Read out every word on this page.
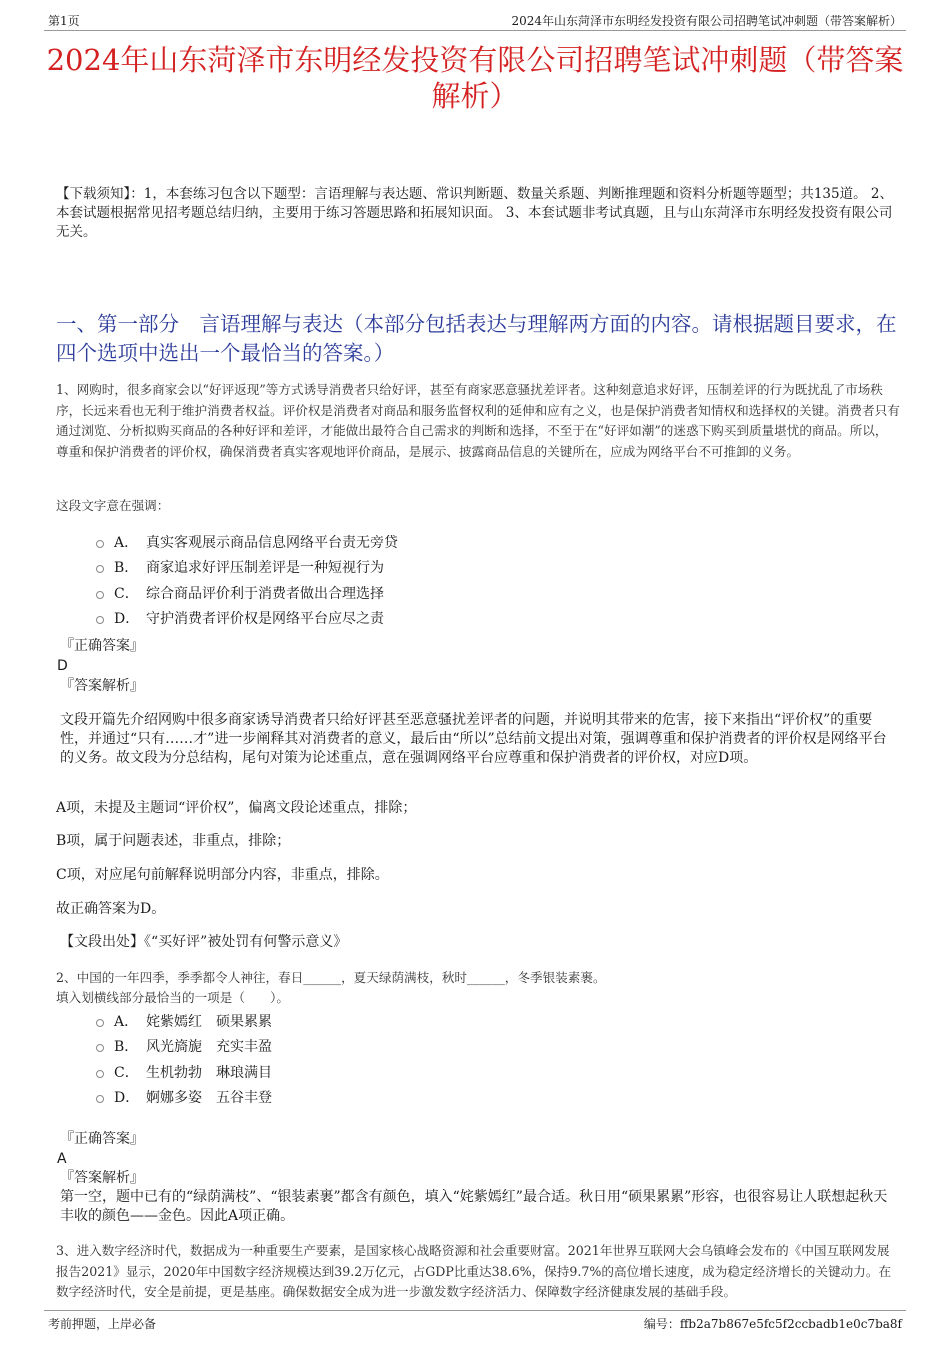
第1页	2024年山东菏泽市东明经发投资有限公司招聘笔试冲刺题（带答案解析）
2024年山东菏泽市东明经发投资有限公司招聘笔试冲刺题（带答案解析）
【下载须知】：1，本套练习包含以下题型：言语理解与表达题、常识判断题、数量关系题、判断推理题和资料分析题等题型；共135道。 2、本套试题根据常见招考题总结归纳，主要用于练习答题思路和拓展知识面。 3、本套试题非考试真题，且与山东菏泽市东明经发投资有限公司无关。
一、第一部分　言语理解与表达（本部分包括表达与理解两方面的内容。请根据题目要求，在四个选项中选出一个最恰当的答案。）
1、网购时，很多商家会以“好评返现”等方式诱导消费者只给好评，甚至有商家恶意骚扰差评者。这种刻意追求好评，压制差评的行为既扰乱了市场秩序，长远来看也无利于维护消费者权益。评价权是消费者对商品和服务监督权利的延伸和应有之义，也是保护消费者知情权和选择权的关键。消费者只有通过浏览、分析拟购买商品的各种好评和差评，才能做出最符合自己需求的判断和选择，不至于在“好评如潮”的迷惑下购买到质量堪忧的商品。所以，尊重和保护消费者的评价权，确保消费者真实客观地评价商品，是展示、披露商品信息的关键所在，应成为网络平台不可推卸的义务。
这段文字意在强调：
A． 真实客观展示商品信息网络平台责无旁贷
B． 商家追求好评压制差评是一种短视行为
C． 综合商品评价利于消费者做出合理选择
D． 守护消费者评价权是网络平台应尽之责
『正确答案』
D
『答案解析』
文段开篇先介绍网购中很多商家诱导消费者只给好评甚至恶意骚扰差评者的问题，并说明其带来的危害，接下来指出“评价权”的重要性，并通过“只有……才”进一步阐释其对消费者的意义，最后由“所以”总结前文提出对策，强调尊重和保护消费者的评价权是网络平台的义务。故文段为分总结构，尾句对策为论述重点，意在强调网络平台应尊重和保护消费者的评价权，对应D项。
A项，未提及主题词“评价权”，偏离文段论述重点，排除；
B项，属于问题表述，非重点，排除；
C项，对应尾句前解释说明部分内容，非重点，排除。
故正确答案为D。
【文段出处】《“买好评”被处罚有何警示意义》
2、中国的一年四季，季季都令人神往，春日______，夏天绿荫满枝，秋时______，冬季银装素裹。
填入划横线部分最恰当的一项是（　　）。
A． 姹紫嫣红　硕果累累
B． 风光旖旎　充实丰盈
C． 生机勃勃　琳琅满目
D． 婀娜多姿　五谷丰登
『正确答案』
A
『答案解析』
第一空，题中已有的“绿荫满枝”、“银装素裹”都含有颜色，填入“姹紫嫣红”最合适。秋日用“硕果累累”形容，也很容易让人联想起秋天丰收的颜色——金色。因此A项正确。
3、进入数字经济时代，数据成为一种重要生产要素，是国家核心战略资源和社会重要财富。2021年世界互联网大会乌镇峰会发布的《中国互联网发展报告2021》显示，2020年中国数字经济规模达到39.2万亿元，占GDP比重达38.6%，保持9.7%的高位增长速度，成为稳定经济增长的关键动力。在数字经济时代，安全是前提，更是基座。确保数据安全成为进一步激发数字经济活力、保障数字经济健康发展的基础手段。
考前押题，上岸必备	编号：ffb2a7b867e5fc5f2ccbadb1e0c7ba8f
